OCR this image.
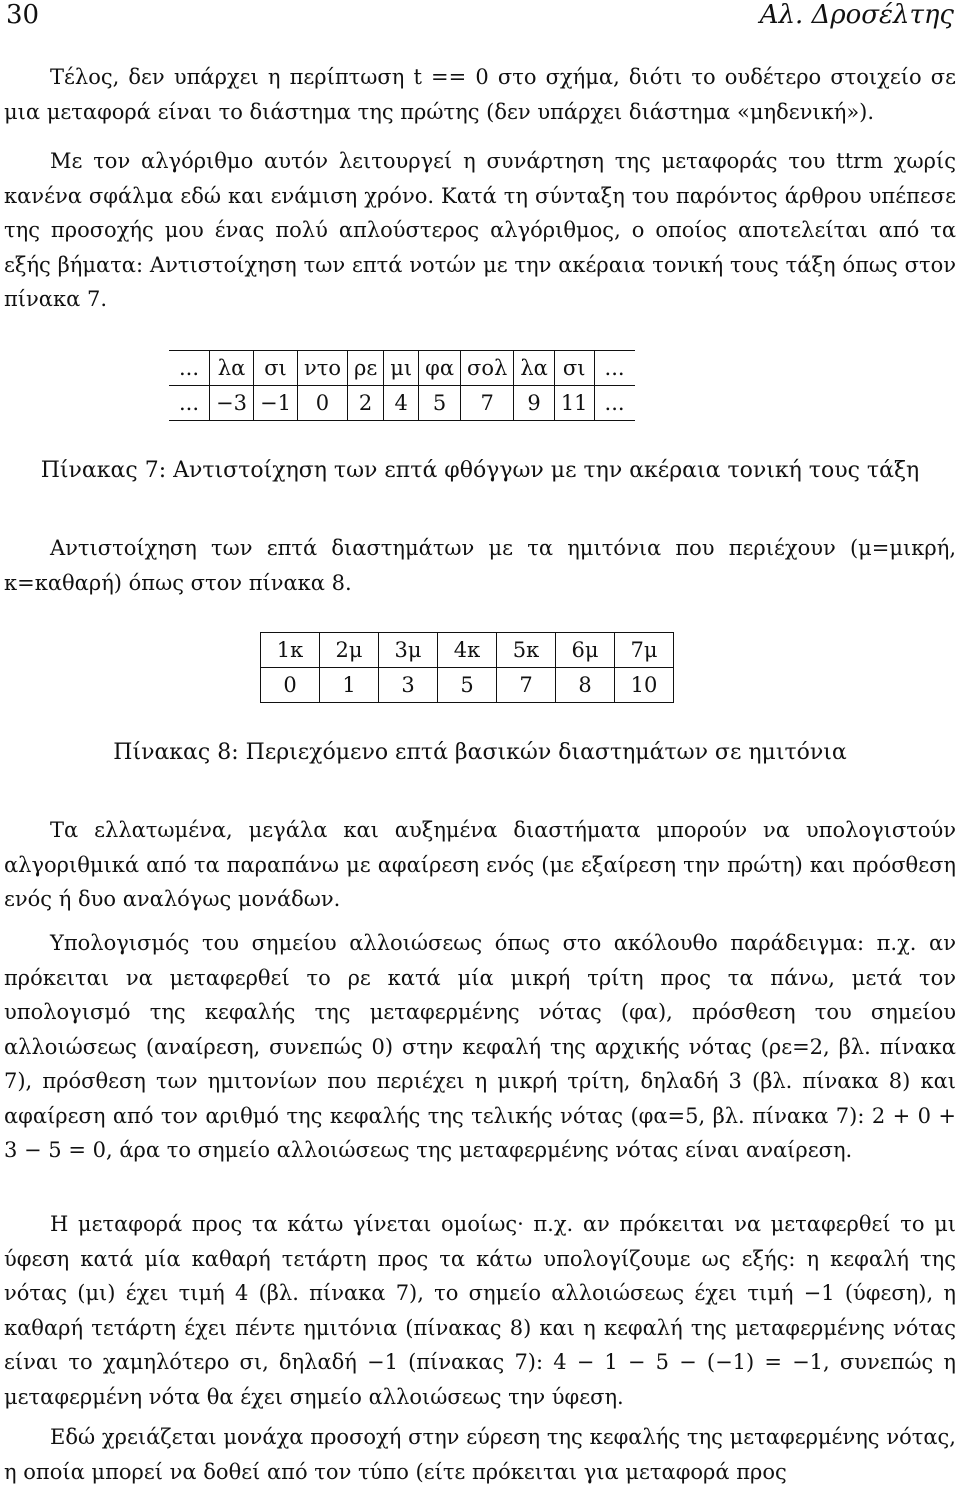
30	Αλ. Δροσέλτης

Τέλος, δεν υπάρχει η περίπτωση t == 0 στο σχήμα, διότι το ουδέτερο στοιχείο σε μια μεταφορά είναι το διάστημα της πρώτης (δεν υπάρχει διάστημα «μηδενική»).

Με τον αλγόριθμο αυτόν λειτουργεί η συνάρτηση της μεταφοράς του ttrm χωρίς κανένα σφάλμα εδώ και ενάμιση χρόνο. Κατά τη σύνταξη του παρόντος άρθρου υπέπεσε της προσοχής μου ένας πολύ απλούστερος αλγόριθμος, ο οποίος αποτελείται από τα εξής βήματα: Αντιστοίχηση των επτά νοτών με την ακέραια τονική τους τάξη όπως στον πίνακα 7.

...	λα	σι	ντο	ρε	μι	φα	σολ	λα	σι	...
...	−3	−1	0	2	4	5	7	9	11	...
Πίνακας 7: Αντιστοίχηση των επτά φθόγγων με την ακέραια τονική τους τάξη

Αντιστοίχηση των επτά διαστημάτων με τα ημιτόνια που περιέχουν (μ=μικρή, κ=καθαρή) όπως στον πίνακα 8.

1κ	2μ	3μ	4κ	5κ	6μ	7μ
0	1	3	5	7	8	10
Πίνακας 8: Περιεχόμενο επτά βασικών διαστημάτων σε ημιτόνια

Τα ελλατωμένα, μεγάλα και αυξημένα διαστήματα μπορούν να υπολογιστούν αλγοριθμικά από τα παραπάνω με αφαίρεση ενός (με εξαίρεση την πρώτη) και πρόσθεση ενός ή δυο αναλόγως μονάδων.

Υπολογισμός του σημείου αλλοιώσεως όπως στο ακόλουθο παράδειγμα: π.χ. αν πρόκειται να μεταφερθεί το ρε κατά μία μικρή τρίτη προς τα πάνω, μετά τον υπολογισμό της κεφαλής της μεταφερμένης νότας (φα), πρόσθεση του σημείου αλλοιώσεως (αναίρεση, συνεπώς 0) στην κεφαλή της αρχικής νότας (ρε=2, βλ. πίνακα 7), πρόσθεση των ημιτονίων που περιέχει η μικρή τρίτη, δηλαδή 3 (βλ. πίνακα 8) και αφαίρεση από τον αριθμό της κεφαλής της τελικής νότας (φα=5, βλ. πίνακα 7): 2 + 0 + 3 − 5 = 0, άρα το σημείο αλλοιώσεως της μεταφερμένης νότας είναι αναίρεση.

Η μεταφορά προς τα κάτω γίνεται ομοίως· π.χ. αν πρόκειται να μεταφερθεί το μι ύφεση κατά μία καθαρή τετάρτη προς τα κάτω υπολογίζουμε ως εξής: η κεφαλή της νότας (μι) έχει τιμή 4 (βλ. πίνακα 7), το σημείο αλλοιώσεως έχει τιμή −1 (ύφεση), η καθαρή τετάρτη έχει πέντε ημιτόνια (πίνακας 8) και η κεφαλή της μεταφερμένης νότας είναι το χαμηλότερο σι, δηλαδή −1 (πίνακας 7): 4 − 1 − 5 − (−1) = −1, συνεπώς η μεταφερμένη νότα θα έχει σημείο αλλοιώσεως την ύφεση.

Εδώ χρειάζεται μονάχα προσοχή στην εύρεση της κεφαλής της μεταφερμένης νότας, η οποία μπορεί να δοθεί από τον τύπο (είτε πρόκειται για μεταφορά προς
